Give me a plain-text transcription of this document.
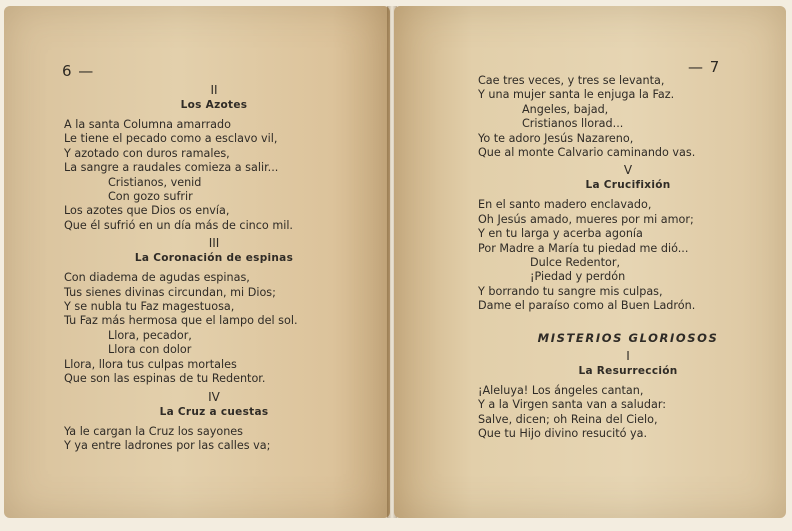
6 —
II
Los Azotes
A la santa Columna amarrado
Le tiene el pecado como a esclavo vil,
Y azotado con duros ramales,
La sangre a raudales comieza a salir...
Cristianos, venid
Con gozo sufrir
Los azotes que Dios os envía,
Que él sufrió en un día más de cinco mil.
III
La Coronación de espinas
Con diadema de agudas espinas,
Tus sienes divinas circundan, mi Dios;
Y se nubla tu Faz magestuosa,
Tu Faz más hermosa que el lampo del sol.
Llora, pecador,
Llora con dolor
Llora, llora tus culpas mortales
Que son las espinas de tu Redentor.
IV
La Cruz a cuestas
Ya le cargan la Cruz los sayones
Y ya entre ladrones por las calles va;
— 7
Cae tres veces, y tres se levanta,
Y una mujer santa le enjuga la Faz.
Angeles, bajad,
Cristianos llorad...
Yo te adoro Jesús Nazareno,
Que al monte Calvario caminando vas.
V
La Crucifixión
En el santo madero enclavado,
Oh Jesús amado, mueres por mi amor;
Y en tu larga y acerba agonía
Por Madre a María tu piedad me dió...
Dulce Redentor,
¡Piedad y perdón
Y borrando tu sangre mis culpas,
Dame el paraíso como al Buen Ladrón.
MISTERIOS GLORIOSOS
I
La Resurrección
¡Aleluya! Los ángeles cantan,
Y a la Virgen santa van a saludar:
Salve, dicen; oh Reina del Cielo,
Que tu Hijo divino resucitó ya.
